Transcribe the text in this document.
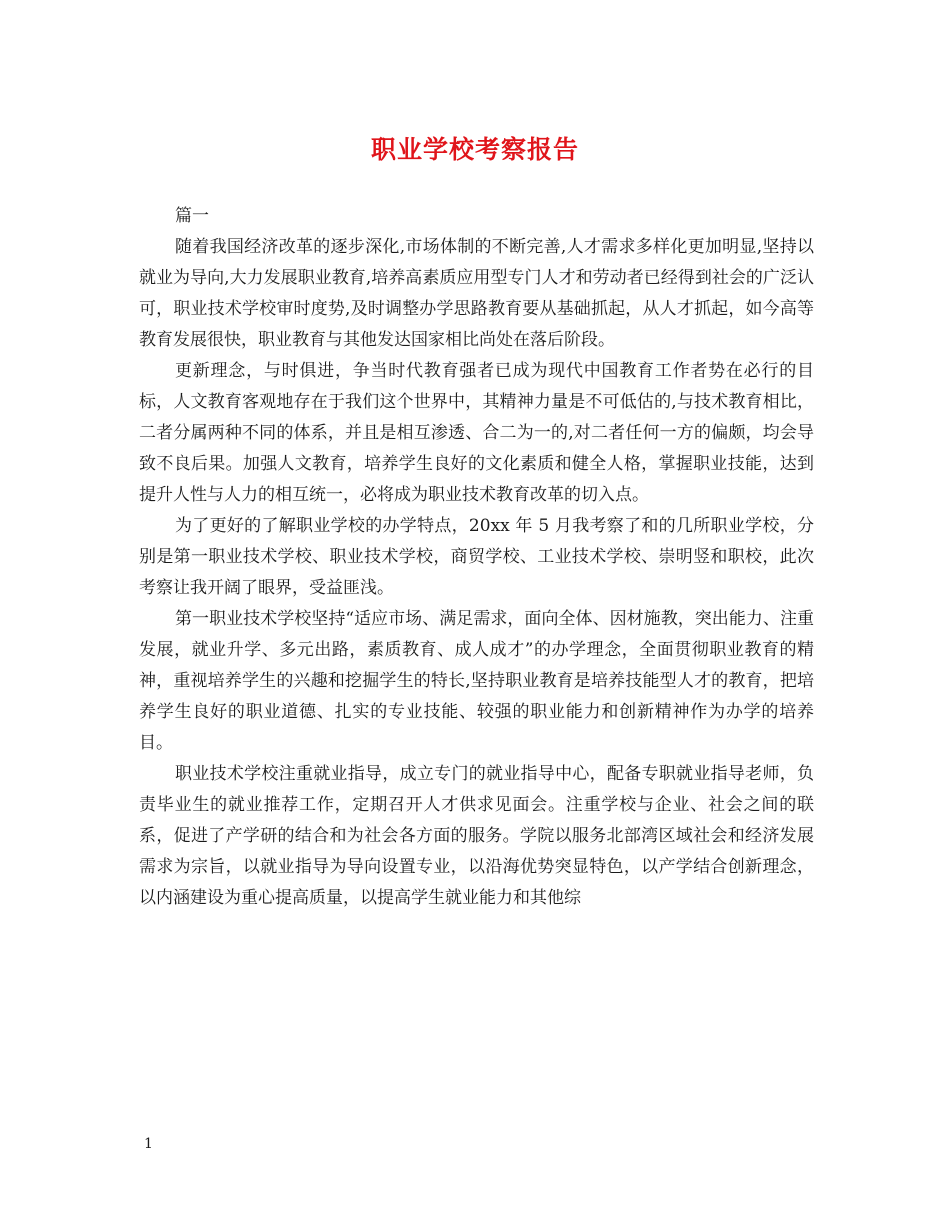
职业学校考察报告

篇一

随着我国经济改革的逐步深化,市场体制的不断完善,人才需求多样化更加明显,坚持以就业为导向,大力发展职业教育,培养高素质应用型专门人才和劳动者已经得到社会的广泛认可，职业技术学校审时度势,及时调整办学思路教育要从基础抓起，从人才抓起，如今高等教育发展很快，职业教育与其他发达国家相比尚处在落后阶段。

更新理念，与时俱进，争当时代教育强者已成为现代中国教育工作者势在必行的目标，人文教育客观地存在于我们这个世界中，其精神力量是不可低估的,与技术教育相比，二者分属两种不同的体系，并且是相互渗透、合二为一的,对二者任何一方的偏颇，均会导致不良后果。加强人文教育，培养学生良好的文化素质和健全人格，掌握职业技能，达到提升人性与人力的相互统一，必将成为职业技术教育改革的切入点。

为了更好的了解职业学校的办学特点，20xx 年 5 月我考察了和的几所职业学校，分别是第一职业技术学校、职业技术学校，商贸学校、工业技术学校、崇明竖和职校，此次考察让我开阔了眼界，受益匪浅。

第一职业技术学校坚持“适应市场、满足需求，面向全体、因材施教，突出能力、注重发展，就业升学、多元出路，素质教育、成人成才”的办学理念，全面贯彻职业教育的精神，重视培养学生的兴趣和挖掘学生的特长,坚持职业教育是培养技能型人才的教育，把培养学生良好的职业道德、扎实的专业技能、较强的职业能力和创新精神作为办学的培养目。

职业技术学校注重就业指导，成立专门的就业指导中心，配备专职就业指导老师，负责毕业生的就业推荐工作，定期召开人才供求见面会。注重学校与企业、社会之间的联系，促进了产学研的结合和为社会各方面的服务。学院以服务北部湾区域社会和经济发展需求为宗旨，以就业指导为导向设置专业，以沿海优势突显特色，以产学结合创新理念，以内涵建设为重心提高质量，以提高学生就业能力和其他综

1
